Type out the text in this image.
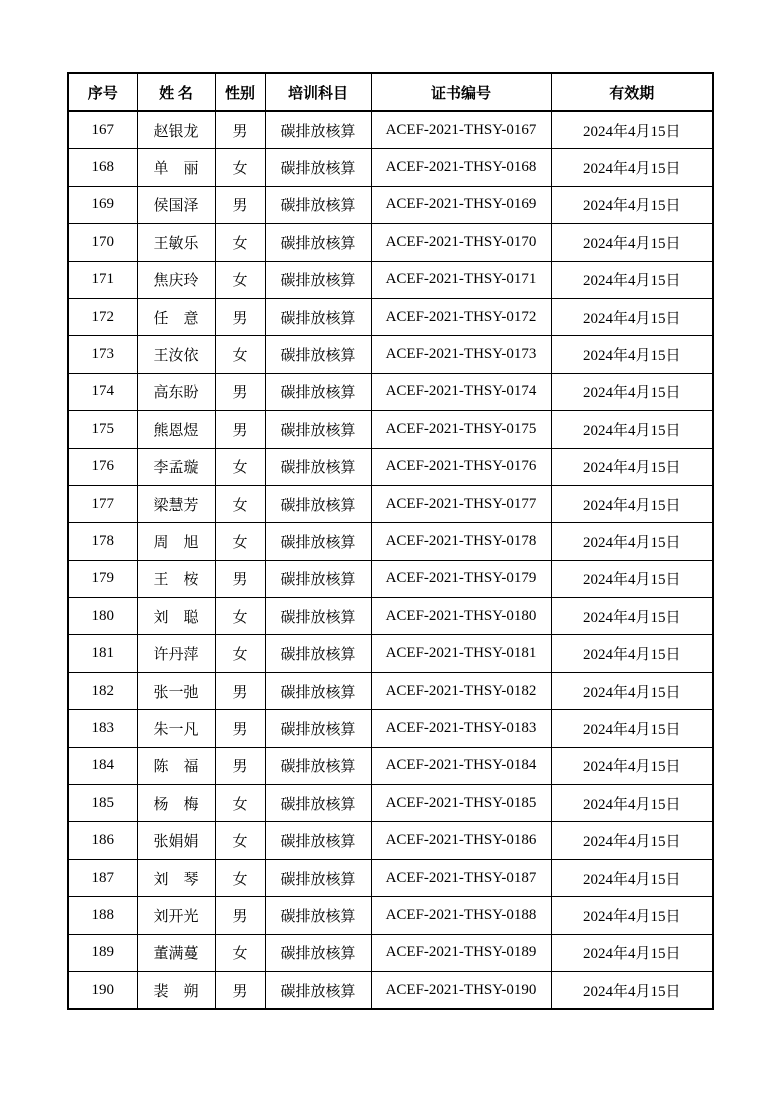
序号	姓 名	性别	培训科目	证书编号	有效期
167	赵银龙	男	碳排放核算	ACEF-2021-THSY-0167	2024年4月15日
168	单　丽	女	碳排放核算	ACEF-2021-THSY-0168	2024年4月15日
169	侯国泽	男	碳排放核算	ACEF-2021-THSY-0169	2024年4月15日
170	王敏乐	女	碳排放核算	ACEF-2021-THSY-0170	2024年4月15日
171	焦庆玲	女	碳排放核算	ACEF-2021-THSY-0171	2024年4月15日
172	任　意	男	碳排放核算	ACEF-2021-THSY-0172	2024年4月15日
173	王汝依	女	碳排放核算	ACEF-2021-THSY-0173	2024年4月15日
174	高东盼	男	碳排放核算	ACEF-2021-THSY-0174	2024年4月15日
175	熊恩煜	男	碳排放核算	ACEF-2021-THSY-0175	2024年4月15日
176	李孟璇	女	碳排放核算	ACEF-2021-THSY-0176	2024年4月15日
177	梁慧芳	女	碳排放核算	ACEF-2021-THSY-0177	2024年4月15日
178	周　旭	女	碳排放核算	ACEF-2021-THSY-0178	2024年4月15日
179	王　桉	男	碳排放核算	ACEF-2021-THSY-0179	2024年4月15日
180	刘　聪	女	碳排放核算	ACEF-2021-THSY-0180	2024年4月15日
181	许丹萍	女	碳排放核算	ACEF-2021-THSY-0181	2024年4月15日
182	张一弛	男	碳排放核算	ACEF-2021-THSY-0182	2024年4月15日
183	朱一凡	男	碳排放核算	ACEF-2021-THSY-0183	2024年4月15日
184	陈　福	男	碳排放核算	ACEF-2021-THSY-0184	2024年4月15日
185	杨　梅	女	碳排放核算	ACEF-2021-THSY-0185	2024年4月15日
186	张娟娟	女	碳排放核算	ACEF-2021-THSY-0186	2024年4月15日
187	刘　琴	女	碳排放核算	ACEF-2021-THSY-0187	2024年4月15日
188	刘开光	男	碳排放核算	ACEF-2021-THSY-0188	2024年4月15日
189	董满蔓	女	碳排放核算	ACEF-2021-THSY-0189	2024年4月15日
190	裴　朔	男	碳排放核算	ACEF-2021-THSY-0190	2024年4月15日
